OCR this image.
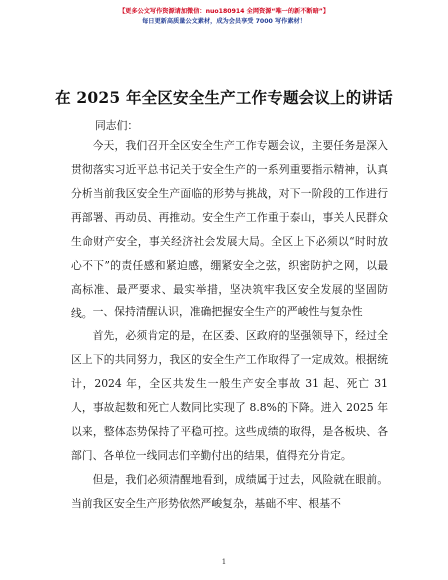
【更多公文写作资源请加微信：nuo180914 全网资源“唯一的新不断暗”】
每日更新高质量公文素材，成为会员享受 7000 写作素材！
在 2025 年全区安全生产工作专题会议上的讲话
同志们：
今天，我们召开全区安全生产工作专题会议，主要任务是深入贯彻落实习近平总书记关于安全生产的一系列重要指示精神，认真分析当前我区安全生产面临的形势与挑战，对下一阶段的工作进行再部署、再动员、再推动。安全生产工作重于泰山，事关人民群众生命财产安全，事关经济社会发展大局。全区上下必须以“时时放心不下”的责任感和紧迫感，绷紧安全之弦，织密防护之网，以最高标准、最严要求、最实举措，坚决筑牢我区安全发展的坚固防线。 一、保持清醒认识，准确把握安全生产的严峻性与复杂性
首先，必须肯定的是，在区委、区政府的坚强领导下，经过全区上下的共同努力，我区的安全生产工作取得了一定成效。根据统计，2024 年，全区共发生一般生产安全事故 31 起、死亡 31 人，事故起数和死亡人数同比实现了 8.8%的下降。进入 2025 年以来，整体态势保持了平稳可控。这些成绩的取得，是各板块、各部门、各单位一线同志们辛勤付出的结果，值得充分肯定。
但是，我们必须清醒地看到，成绩属于过去，风险就在眼前。当前我区安全生产形势依然严峻复杂，基础不牢、根基不
1
